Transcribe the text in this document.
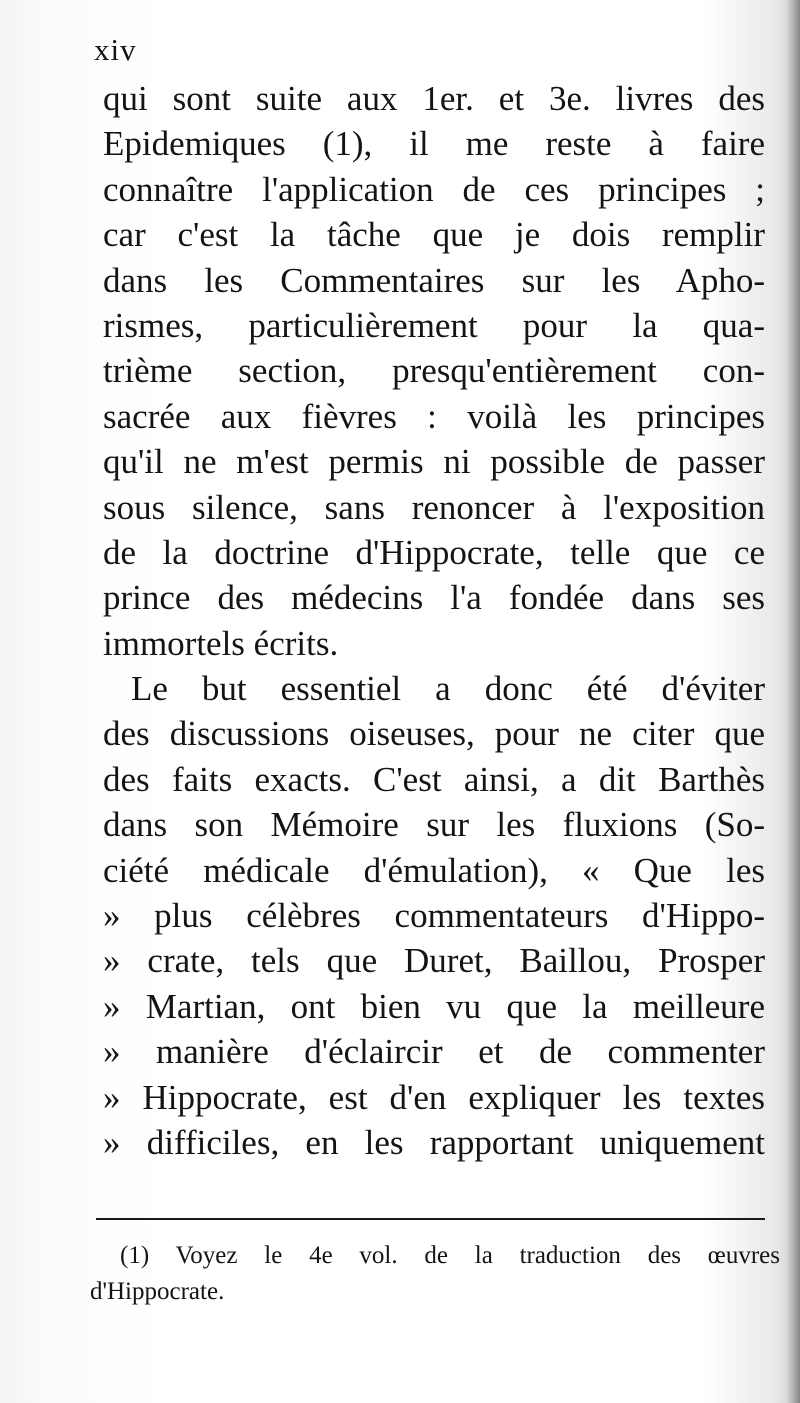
xiv
qui sont suite aux 1er. et 3e. livres des
Epidemiques (1), il me reste à faire
connaître l'application de ces principes ;
car c'est la tâche que je dois remplir
dans les Commentaires sur les Apho-
rismes, particulièrement pour la qua-
trième section, presqu'entièrement con-
sacrée aux fièvres : voilà les principes
qu'il ne m'est permis ni possible de passer
sous silence, sans renoncer à l'exposition
de la doctrine d'Hippocrate, telle que ce
prince des médecins l'a fondée dans ses
immortels écrits.
Le but essentiel a donc été d'éviter
des discussions oiseuses, pour ne citer que
des faits exacts. C'est ainsi, a dit Barthès
dans son Mémoire sur les fluxions (So-
ciété médicale d'émulation), « Que les
» plus célèbres commentateurs d'Hippo-
» crate, tels que Duret, Baillou, Prosper
» Martian, ont bien vu que la meilleure
» manière d'éclaircir et de commenter
» Hippocrate, est d'en expliquer les textes
» difficiles, en les rapportant uniquement
(1) Voyez le 4e vol. de la traduction des œuvres
d'Hippocrate.
